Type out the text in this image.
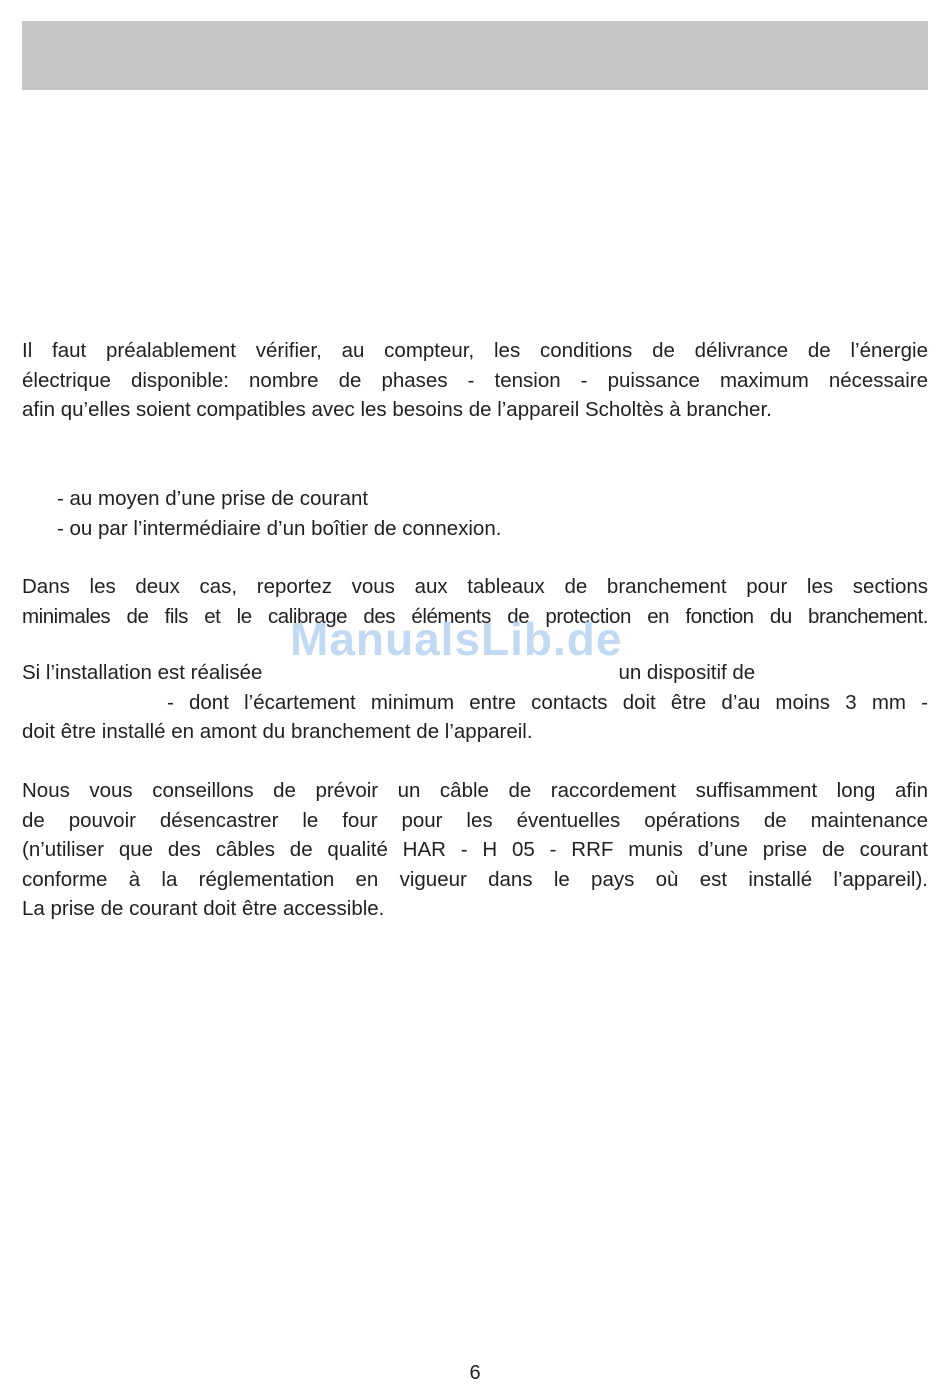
Il faut préalablement vérifier, au compteur, les conditions de délivrance de l’énergie
électrique disponible: nombre de phases - tension - puissance maximum nécessaire
afin qu’elles soient compatibles avec les besoins de l’appareil Scholtès à brancher.
- au moyen d’une prise de courant
- ou par l’intermédiaire d’un boîtier de connexion.
Dans les deux cas, reportez vous aux tableaux de branchement pour les sections
minimales de fils et le calibrage des éléments de protection en fonction du branchement.
Si l’installation est réalisée	un dispositif de
- dont l’écartement minimum entre contacts doit être d’au moins 3 mm -
doit être installé en amont du branchement de l’appareil.
Nous vous conseillons de prévoir un câble de raccordement suffisamment long afin
de pouvoir désencastrer le four pour les éventuelles opérations de maintenance
(n’utiliser que des câbles de qualité HAR - H 05 - RRF munis d’une prise de courant
conforme à la réglementation en vigueur dans le pays où est installé l’appareil).
La prise de courant doit être accessible.
ManualsLib.de
6
